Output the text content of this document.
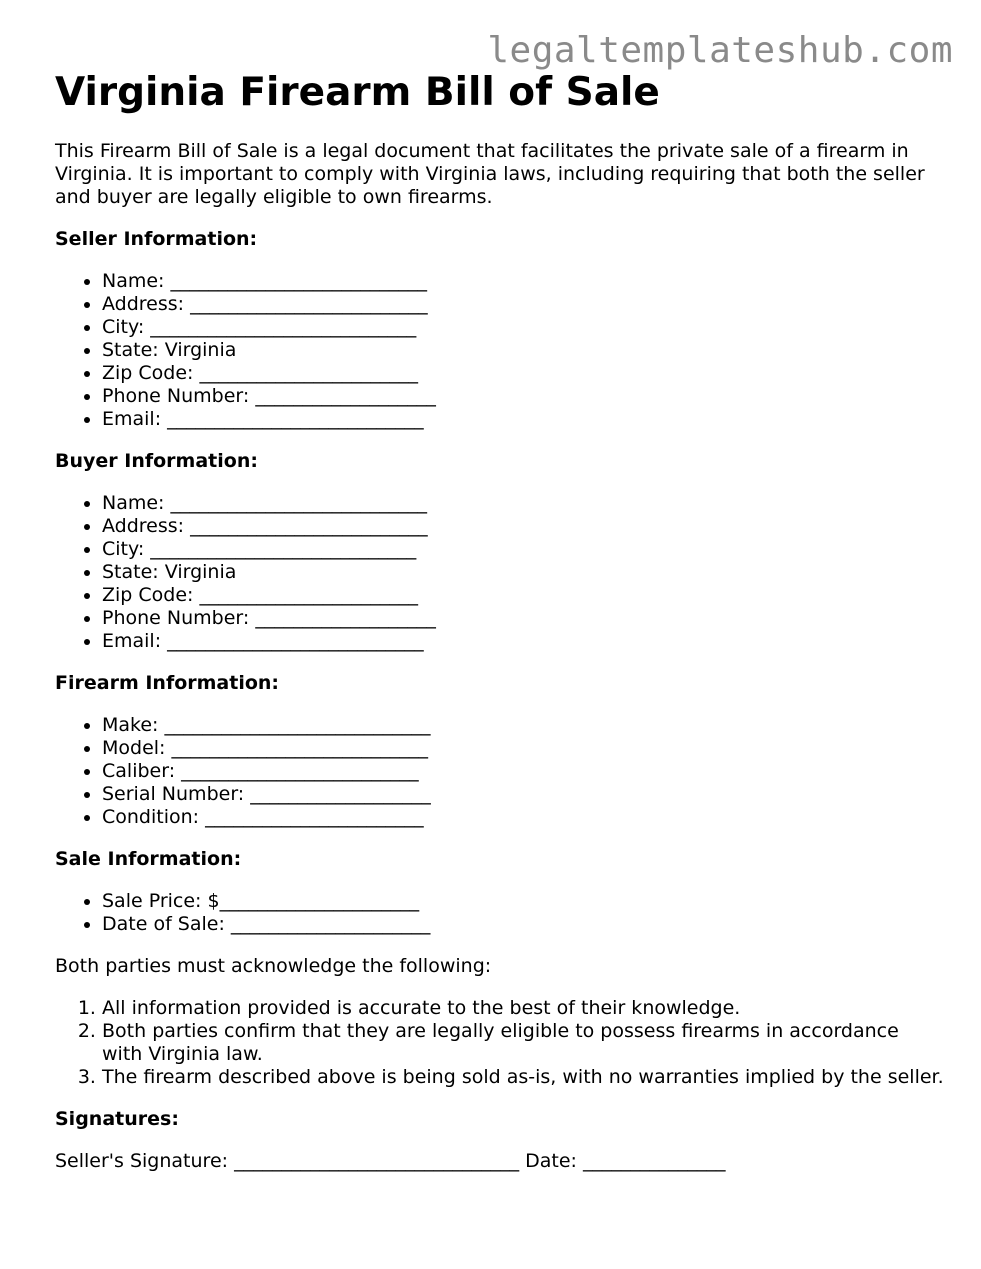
legaltemplateshub.com
Virginia Firearm Bill of Sale

This Firearm Bill of Sale is a legal document that facilitates the private sale of a firearm in Virginia. It is important to comply with Virginia laws, including requiring that both the seller and buyer are legally eligible to own firearms.

Seller Information:
• Name: ___________________________
• Address: _________________________
• City: ____________________________
• State: Virginia
• Zip Code: _______________________
• Phone Number: ___________________
• Email: ___________________________
Buyer Information:
• Name: ___________________________
• Address: _________________________
• City: ____________________________
• State: Virginia
• Zip Code: _______________________
• Phone Number: ___________________
• Email: ___________________________
Firearm Information:
• Make: ____________________________
• Model: ___________________________
• Caliber: _________________________
• Serial Number: ___________________
• Condition: _______________________
Sale Information:
• Sale Price: $_____________________
• Date of Sale: _____________________

Both parties must acknowledge the following:

1. All information provided is accurate to the best of their knowledge.
2. Both parties confirm that they are legally eligible to possess firearms in accordance with Virginia law.
3. The firearm described above is being sold as-is, with no warranties implied by the seller.
Signatures:
Seller's Signature: ______________________________ Date: _______________
